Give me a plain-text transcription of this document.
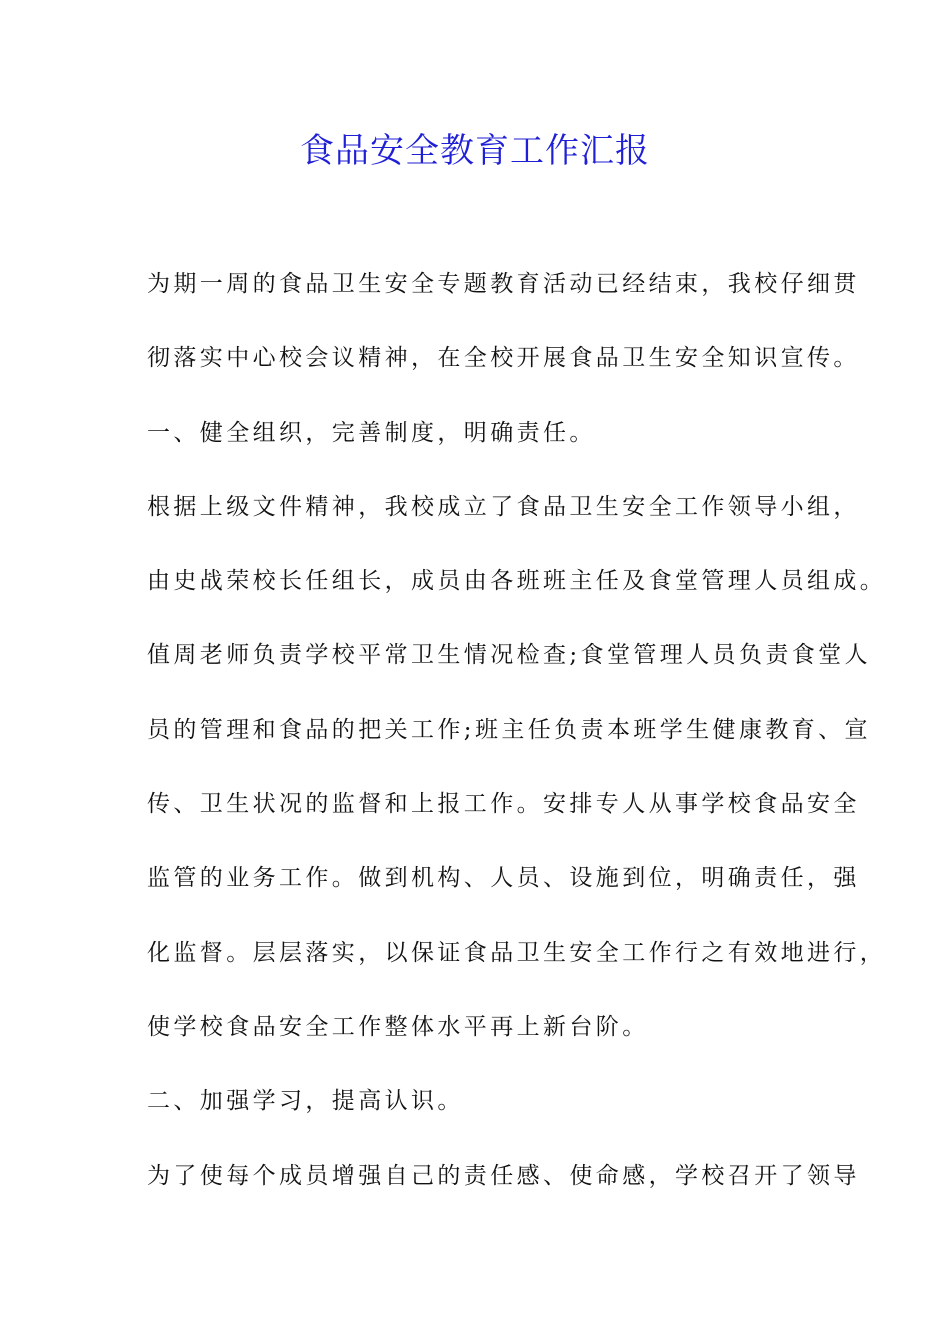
食品安全教育工作汇报
为期一周的食品卫生安全专题教育活动已经结束，我校仔细贯
彻落实中心校会议精神，在全校开展食品卫生安全知识宣传。
一、健全组织，完善制度，明确责任。
根据上级文件精神，我校成立了食品卫生安全工作领导小组，
由史战荣校长任组长，成员由各班班主任及食堂管理人员组成。
值周老师负责学校平常卫生情况检查;食堂管理人员负责食堂人
员的管理和食品的把关工作;班主任负责本班学生健康教育、宣
传、卫生状况的监督和上报工作。安排专人从事学校食品安全
监管的业务工作。做到机构、人员、设施到位，明确责任，强
化监督。层层落实，以保证食品卫生安全工作行之有效地进行，
使学校食品安全工作整体水平再上新台阶。
二、加强学习，提高认识。
为了使每个成员增强自己的责任感、使命感，学校召开了领导
